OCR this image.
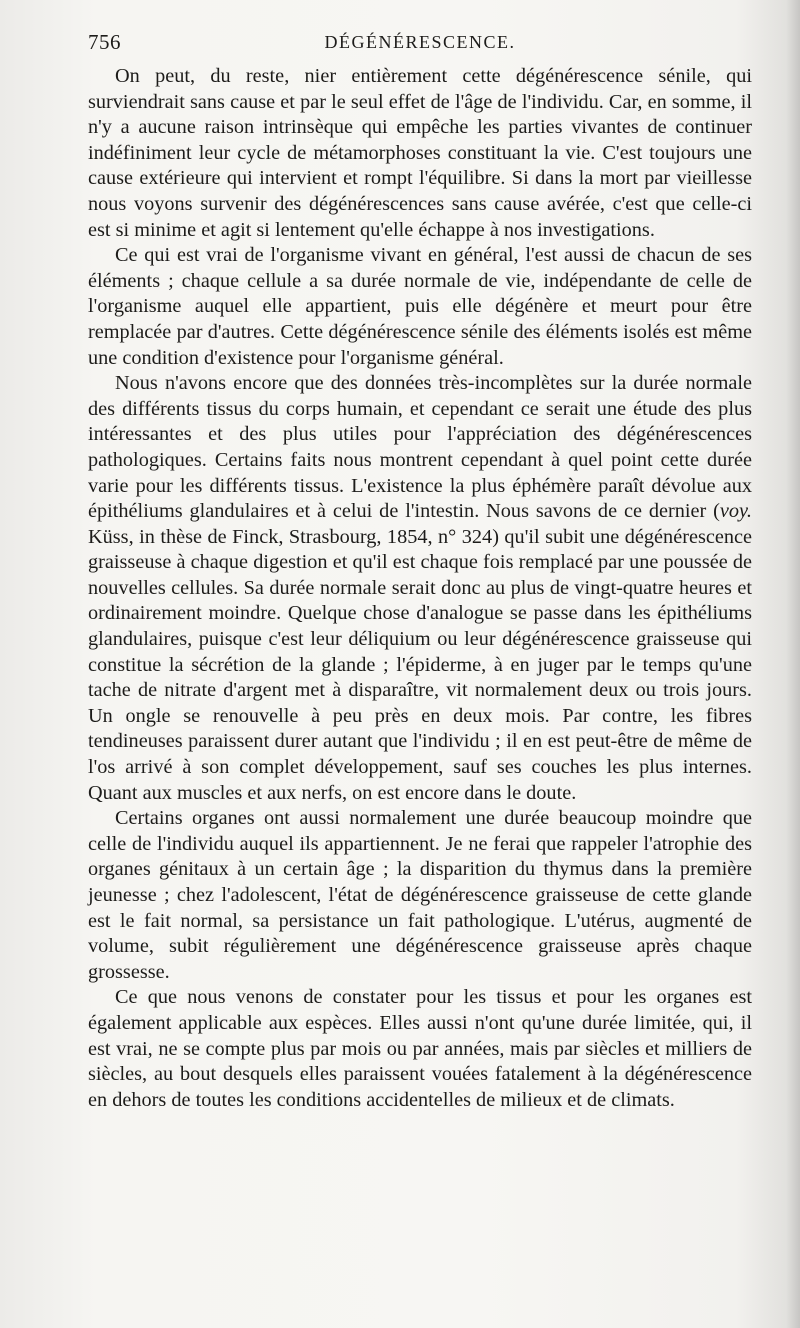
756	DÉGÉNÉRESCENCE.

On peut, du reste, nier entièrement cette dégénérescence sénile, qui surviendrait sans cause et par le seul effet de l'âge de l'individu. Car, en somme, il n'y a aucune raison intrinsèque qui empêche les parties vivantes de continuer indéfiniment leur cycle de métamorphoses constituant la vie. C'est toujours une cause extérieure qui intervient et rompt l'équilibre. Si dans la mort par vieillesse nous voyons survenir des dégénérescences sans cause avérée, c'est que celle-ci est si minime et agit si lentement qu'elle échappe à nos investigations.

Ce qui est vrai de l'organisme vivant en général, l'est aussi de chacun de ses éléments ; chaque cellule a sa durée normale de vie, indépendante de celle de l'organisme auquel elle appartient, puis elle dégénère et meurt pour être remplacée par d'autres. Cette dégénérescence sénile des éléments isolés est même une condition d'existence pour l'organisme général.

Nous n'avons encore que des données très-incomplètes sur la durée normale des différents tissus du corps humain, et cependant ce serait une étude des plus intéressantes et des plus utiles pour l'appréciation des dégénérescences pathologiques. Certains faits nous montrent cependant à quel point cette durée varie pour les différents tissus. L'existence la plus éphémère paraît dévolue aux épithéliums glandulaires et à celui de l'intestin. Nous savons de ce dernier (voy. Küss, in thèse de Finck, Strasbourg, 1854, n° 324) qu'il subit une dégénérescence graisseuse à chaque digestion et qu'il est chaque fois remplacé par une poussée de nouvelles cellules. Sa durée normale serait donc au plus de vingt-quatre heures et ordinairement moindre. Quelque chose d'analogue se passe dans les épithéliums glandulaires, puisque c'est leur déliquium ou leur dégénérescence graisseuse qui constitue la sécrétion de la glande ; l'épiderme, à en juger par le temps qu'une tache de nitrate d'argent met à disparaître, vit normalement deux ou trois jours. Un ongle se renouvelle à peu près en deux mois. Par contre, les fibres tendineuses paraissent durer autant que l'individu ; il en est peut-être de même de l'os arrivé à son complet développement, sauf ses couches les plus internes. Quant aux muscles et aux nerfs, on est encore dans le doute.

Certains organes ont aussi normalement une durée beaucoup moindre que celle de l'individu auquel ils appartiennent. Je ne ferai que rappeler l'atrophie des organes génitaux à un certain âge ; la disparition du thymus dans la première jeunesse ; chez l'adolescent, l'état de dégénérescence graisseuse de cette glande est le fait normal, sa persistance un fait pathologique. L'utérus, augmenté de volume, subit régulièrement une dégénérescence graisseuse après chaque grossesse.

Ce que nous venons de constater pour les tissus et pour les organes est également applicable aux espèces. Elles aussi n'ont qu'une durée limitée, qui, il est vrai, ne se compte plus par mois ou par années, mais par siècles et milliers de siècles, au bout desquels elles paraissent vouées fatalement à la dégénérescence en dehors de toutes les conditions accidentelles de milieux et de climats.
